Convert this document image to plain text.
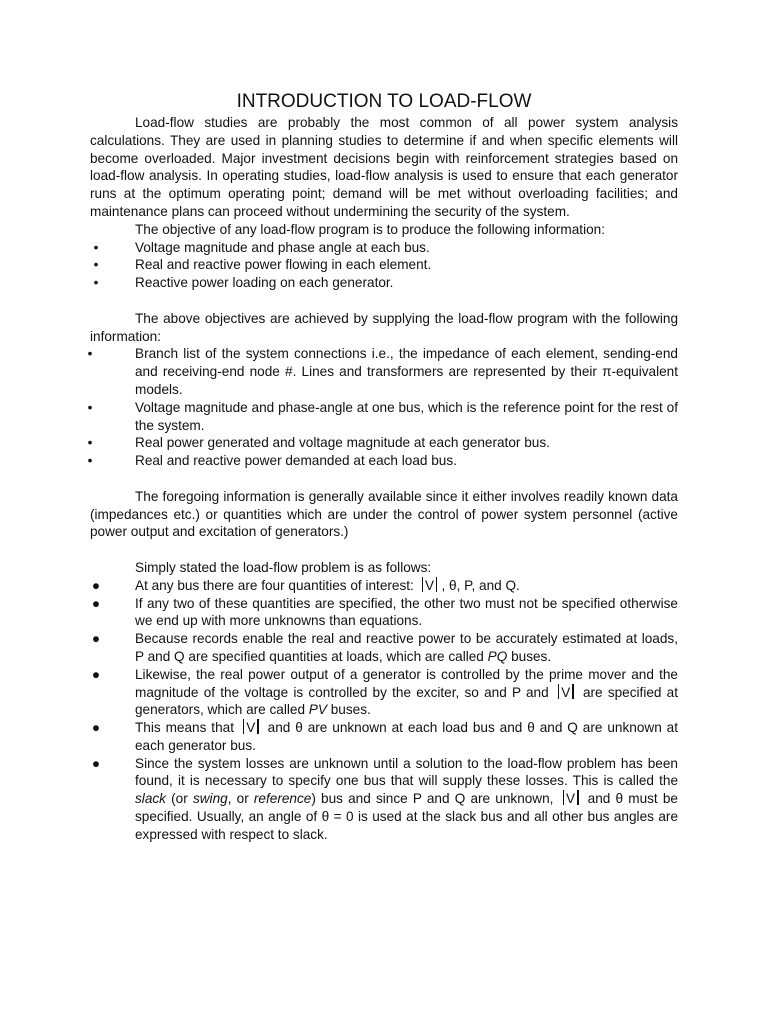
INTRODUCTION TO LOAD-FLOW

Load-flow studies are probably the most common of all power system analysis calculations. They are used in planning studies to determine if and when specific elements will become overloaded. Major investment decisions begin with reinforcement strategies based on load-flow analysis. In operating studies, load-flow analysis is used to ensure that each generator runs at the optimum operating point; demand will be met without overloading facilities; and maintenance plans can proceed without undermining the security of the system.

The objective of any load-flow program is to produce the following information:

•	Voltage magnitude and phase angle at each bus.
•	Real and reactive power flowing in each element.
•	Reactive power loading on each generator.

The above objectives are achieved by supplying the load-flow program with the following information:

•	Branch list of the system connections i.e., the impedance of each element, sending-end and receiving-end node #. Lines and transformers are represented by their π-equivalent models.
•	Voltage magnitude and phase-angle at one bus, which is the reference point for the rest of the system.
•	Real power generated and voltage magnitude at each generator bus.
•	Real and reactive power demanded at each load bus.

The foregoing information is generally available since it either involves readily known data (impedances etc.) or quantities which are under the control of power system personnel (active power output and excitation of generators.)

Simply stated the load-flow problem is as follows:

●	At any bus there are four quantities of interest: V , θ, P, and Q.
●	If any two of these quantities are specified, the other two must not be specified otherwise we end up with more unknowns than equations.
●	Because records enable the real and reactive power to be accurately estimated at loads, P and Q are specified quantities at loads, which are called PQ buses.
●	Likewise, the real power output of a generator is controlled by the prime mover and the magnitude of the voltage is controlled by the exciter, so and P and V are specified at generators, which are called PV buses.
●	This means that V and θ are unknown at each load bus and θ and Q are unknown at each generator bus.
●	Since the system losses are unknown until a solution to the load-flow problem has been found, it is necessary to specify one bus that will supply these losses. This is called the slack (or swing, or reference) bus and since P and Q are unknown, V and θ must be specified. Usually, an angle of θ = 0 is used at the slack bus and all other bus angles are expressed with respect to slack.
